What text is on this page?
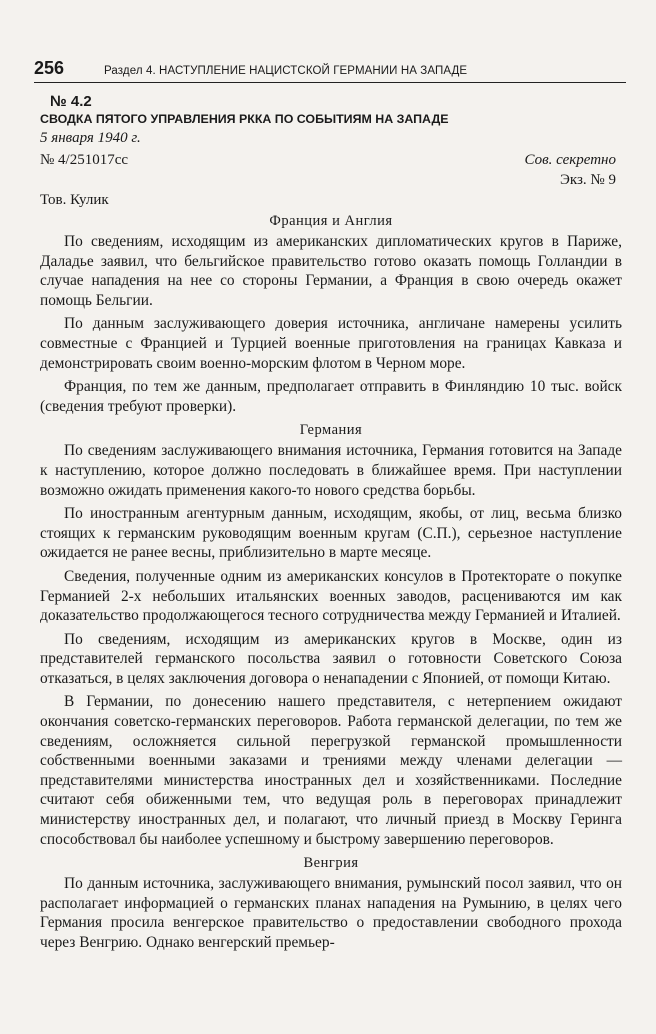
256	Раздел 4. НАСТУПЛЕНИЕ НАЦИСТСКОЙ ГЕРМАНИИ НА ЗАПАДЕ
№ 4.2
СВОДКА ПЯТОГО УПРАВЛЕНИЯ РККА ПО СОБЫТИЯМ НА ЗАПАДЕ
5 января 1940 г.
№ 4/251017сс	Сов. секретно
Экз. № 9
Тов. Кулик
Франция и Англия

По сведениям, исходящим из американских дипломатических кругов в Париже, Даладье заявил, что бельгийское правительство готово оказать помощь Голландии в случае нападения на нее со стороны Германии, а Франция в свою очередь окажет помощь Бельгии.

По данным заслуживающего доверия источника, англичане намерены усилить совместные с Францией и Турцией военные приготовления на границах Кавказа и демонстрировать своим военно-морским флотом в Черном море.

Франция, по тем же данным, предполагает отправить в Финляндию 10 тыс. войск (сведения требуют проверки).

Германия

По сведениям заслуживающего внимания источника, Германия готовится на Западе к наступлению, которое должно последовать в ближайшее время. При наступлении возможно ожидать применения какого-то нового средства борьбы.

По иностранным агентурным данным, исходящим, якобы, от лиц, весьма близко стоящих к германским руководящим военным кругам (С.П.), серьезное наступление ожидается не ранее весны, приблизительно в марте месяце.

Сведения, полученные одним из американских консулов в Протекторате о покупке Германией 2-х небольших итальянских военных заводов, расцениваются им как доказательство продолжающегося тесного сотрудничества между Германией и Италией.

По сведениям, исходящим из американских кругов в Москве, один из представителей германского посольства заявил о готовности Советского Союза отказаться, в целях заключения договора о ненападении с Японией, от помощи Китаю.

В Германии, по донесению нашего представителя, с нетерпением ожидают окончания советско-германских переговоров. Работа германской делегации, по тем же сведениям, осложняется сильной перегрузкой германской промышленности собственными военными заказами и трениями между членами делегации — представителями министерства иностранных дел и хозяйственниками. Последние считают себя обиженными тем, что ведущая роль в переговорах принадлежит министерству иностранных дел, и полагают, что личный приезд в Москву Геринга способствовал бы наиболее успешному и быстрому завершению переговоров.

Венгрия

По данным источника, заслуживающего внимания, румынский посол заявил, что он располагает информацией о германских планах нападения на Румынию, в целях чего Германия просила венгерское правительство о предоставлении свободного прохода через Венгрию. Однако венгерский премьер-
